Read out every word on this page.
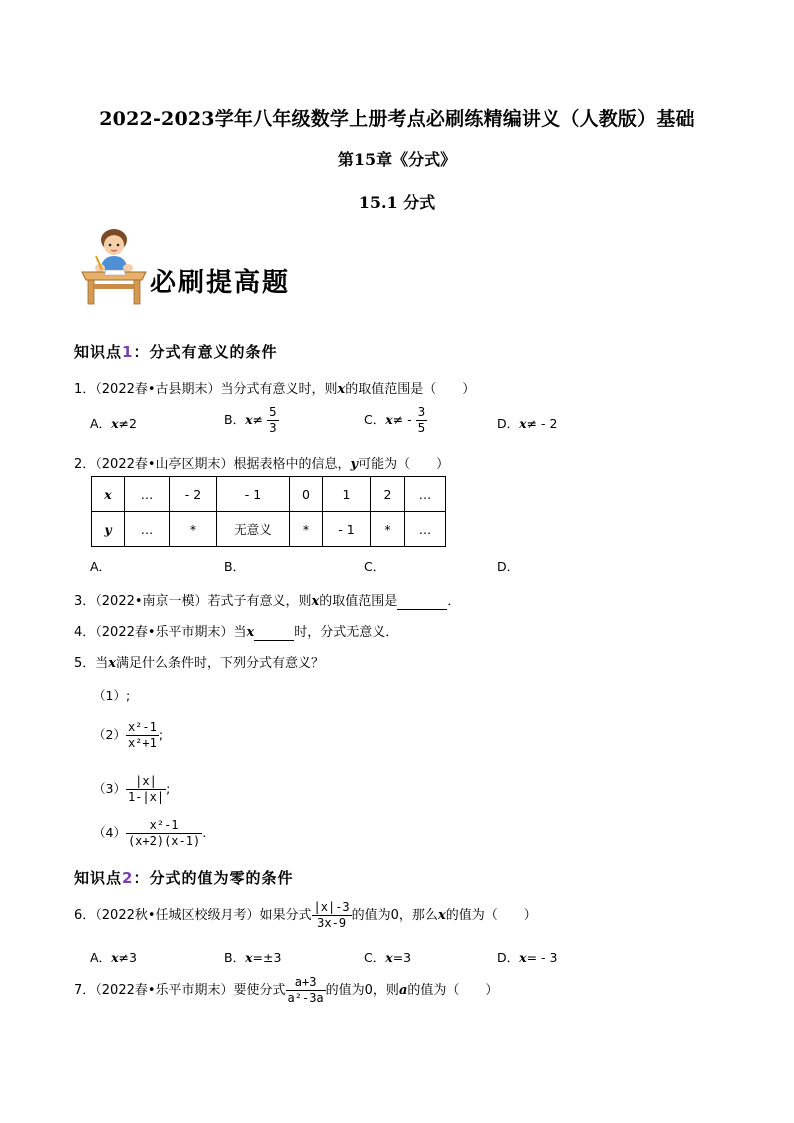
2022-2023学年八年级数学上册考点必刷练精编讲义（人教版）基础
第15章《分式》
15.1 分式
必刷提高题
知识点1：分式有意义的条件
1．（2022春•古县期末）当分式有意义时，则x的取值范围是（　　）
A．x≠2	B．$x\ne \frac{5}{3}$	C．$x\ne - \frac{3}{5}$	D．x≠ - 2
2．（2022春•山亭区期末）根据表格中的信息，y可能为（　　）
x	…	- 2	- 1	0	1	2	…
y	…	*	无意义	*	- 1	*	…
A．	B．	C．	D．
3．（2022•南京一模）若式子有意义，则x的取值范围是	．
4．（2022春•乐平市期末）当x	时，分式无意义．
5．当x满足什么条件时，下列分式有意义？
（1）;
$(2) \frac{\text{x²-1}}{\text{x²+1}}$ ;
$(3) \frac{|x|}{1-|x|}$ ;
$(4) \frac{\text{x²-1}}{(x+2)(x-1)}$ .
知识点2：分式的值为零的条件
6．（2022秋•任城区校级月考）如果分式 $\frac{|x|-3}{3x-9}$ 的值为0，那么x的值为（　　）
A．x≠3	B．x=±3	C．x=3	D．x= - 3
7．（2022春•乐平市期末）要使分式 $\frac{a+3}{\text{a²-3a}}$ 的值为0，则a的值为（　　）
